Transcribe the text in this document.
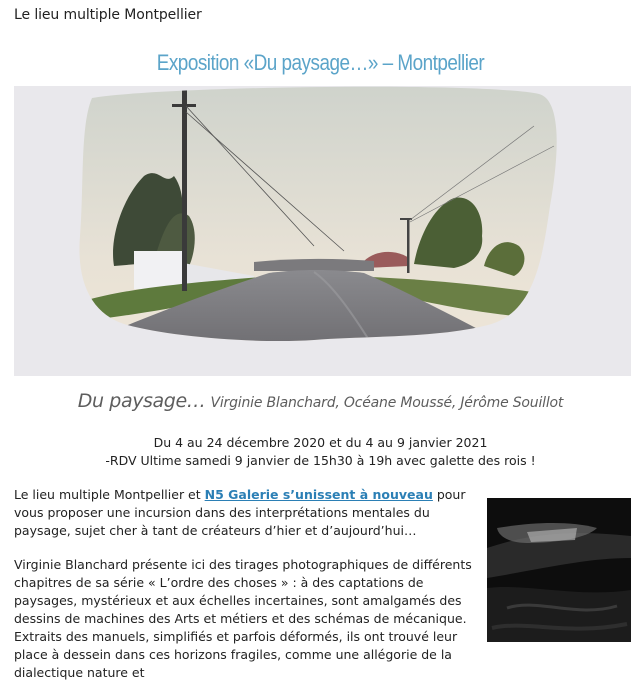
Le lieu multiple Montpellier
Exposition «Du paysage…» – Montpellier
Du paysage… Virginie Blanchard, Océane Moussé, Jérôme Souillot
Du 4 au 24 décembre 2020 et du 4 au 9 janvier 2021
-RDV Ultime samedi 9 janvier de 15h30 à 19h avec galette des rois !
Le lieu multiple Montpellier et N5 Galerie s’unissent à nouveau pour vous proposer une incursion dans des interprétations mentales du paysage, sujet cher à tant de créateurs d’hier et d’aujourd’hui…
Virginie Blanchard présente ici des tirages photographiques de différents chapitres de sa série « L’ordre des choses » : à des captations de paysages, mystérieux et aux échelles incertaines, sont amalgamés des dessins de machines des Arts et métiers et des schémas de mécanique. Extraits des manuels, simplifiés et parfois déformés, ils ont trouvé leur place à dessein dans ces horizons fragiles, comme une allégorie de la dialectique nature et
